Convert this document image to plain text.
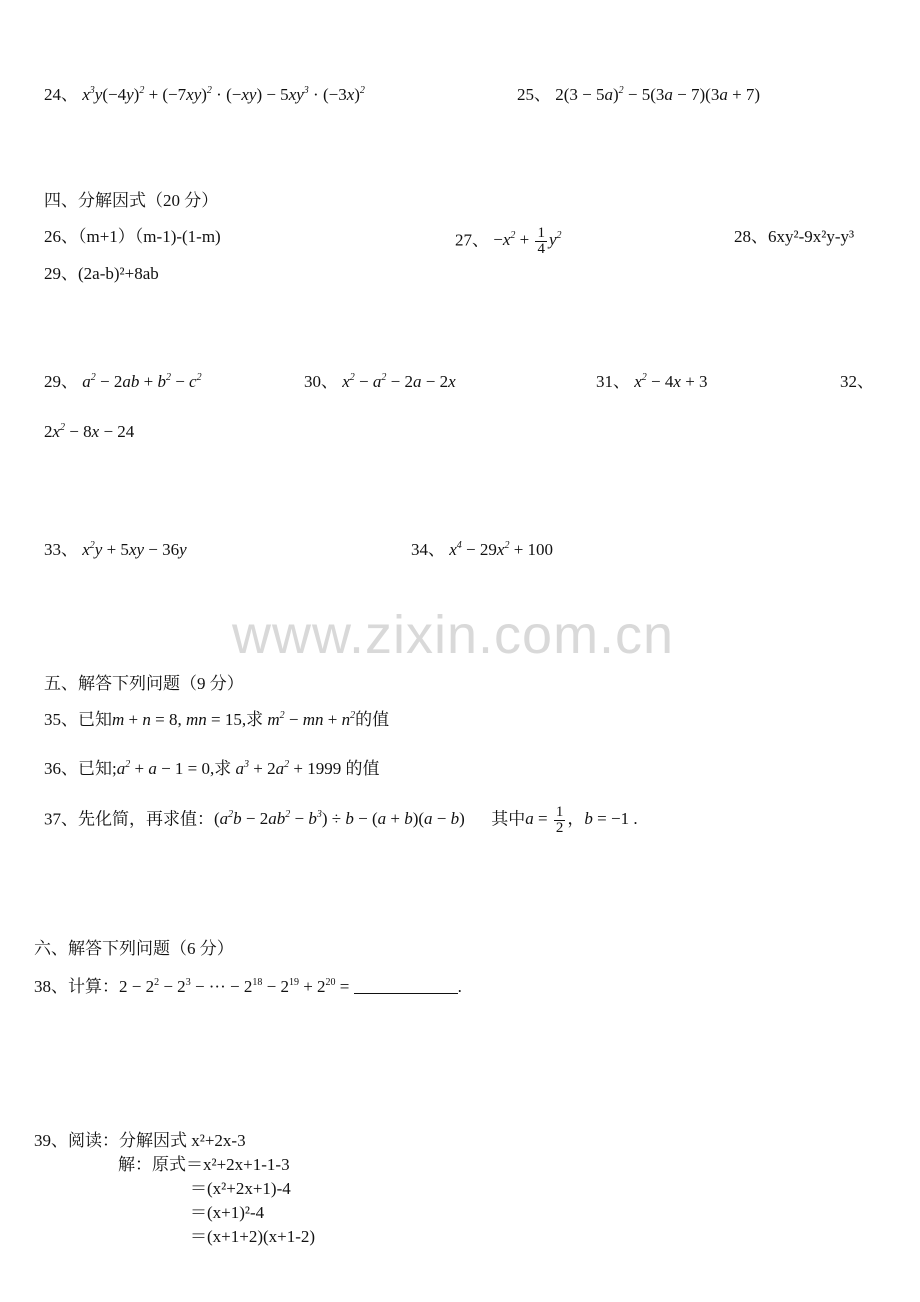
24、 $x^3y(-4y)^2 + (-7xy)^2 \cdot (-xy) - 5xy^3 \cdot (-3x)^2$	25、 $2(3 - 5a)^2 - 5(3a - 7)(3a + 7)$
四、分解因式（20 分）
26、（m+1）（m-1)-(1-m)	27、 $-x^2 + \frac{1}{4} y^2$	28、6xy²-9x²y-y³
29、(2a-b)²+8ab
29、 $a^2 - 2ab + b^2 - c^2$	30、 $x^2 - a^2 - 2a - 2x$	31、 $x^2 - 4x + 3$	32、
$2x^2 - 8x - 24$
33、 $x^2y + 5xy - 36y$	34、 $x^4 - 29x^2 + 100$
www.zixin.com.cn
五、解答下列问题（9 分）
35、已知m + n = 8, mn = 15,求 $m^2$ − mn + $n^2$的值
36、已知$;a^2 + a - 1 = 0$,求 $a^3 + 2a^2 + 1999$ 的值
37、先化简，再求值：$(a^2b - 2ab^2 - b^3) \div b - (a + b)(a - b)$ 其中$a = \frac{1}{2}$ ，b = −1 .
六、解答下列问题（6 分）
38、计算：$2 - 2^2 - 2^3$ − ··· − $2^{18} - 2^{19} + 2^{20}$ =	.
39、阅读：分解因式 x²+2x-3
解：原式＝x²+2x+1-1-3
＝(x²+2x+1)-4
＝(x+1)²-4
＝(x+1+2)(x+1-2)
